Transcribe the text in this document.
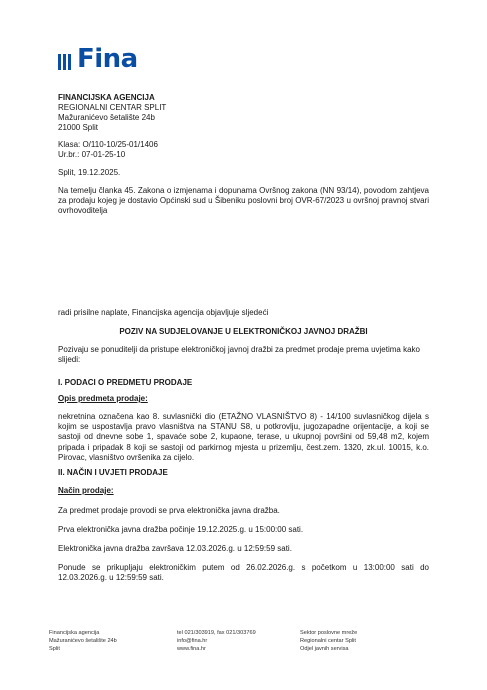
Fina
FINANCIJSKA AGENCIJA
REGIONALNI CENTAR SPLIT
Mažuranićevo šetalište 24b
21000 Split
Klasa: O/110-10/25-01/1406
Ur.br.: 07-01-25-10
Split, 19.12.2025.
Na temelju članka 45. Zakona o izmjenama i dopunama Ovršnog zakona (NN 93/14), povodom zahtjeva za prodaju kojeg je dostavio Općinski sud u Šibeniku poslovni broj OVR-67/2023 u ovršnoj pravnoj stvari ovrhovoditelja
radi prisilne naplate, Financijska agencija objavljuje sljedeći
POZIV NA SUDJELOVANJE U ELEKTRONIČKOJ JAVNOJ DRAŽBI
Pozivaju se ponuditelji da pristupe elektroničkoj javnoj dražbi za predmet prodaje prema uvjetima kako slijedi:
I. PODACI O PREDMETU PRODAJE
Opis predmeta prodaje:
nekretnina označena kao 8. suvlasnički dio (ETAŽNO VLASNIŠTVO 8) - 14/100 suvlasničkog dijela s kojim se uspostavlja pravo vlasništva na STANU S8, u potkrovlju, jugozapadne orijentacije, a koji se sastoji od dnevne sobe 1, spavaće sobe 2, kupaone, terase, u ukupnoj površini od 59,48 m2, kojem pripada i pripadak 8 koji se sastoji od parkirnog mjesta u prizemlju, čest.zem. 1320, zk.ul. 10015, k.o. Pirovac, vlasništvo ovršenika za cijelo.
II. NAČIN I UVJETI PRODAJE
Način prodaje:
Za predmet prodaje provodi se prva elektronička javna dražba.
Prva elektronička javna dražba počinje 19.12.2025.g. u 15:00:00 sati.
Elektronička javna dražba završava 12.03.2026.g. u 12:59:59 sati.
Ponude se prikupljaju elektroničkim putem od 26.02.2026.g. s početkom u 13:00:00 sati do 12.03.2026.g. u 12:59:59 sati.
Financijska agencija
Mažuranićevo šetalište 24b
Split
tel 021/303919, fax 021/303769
info@fina.hr
www.fina.hr
Sektor poslovne mreže
Regionalni centar Split
Odjel javnih servisa
